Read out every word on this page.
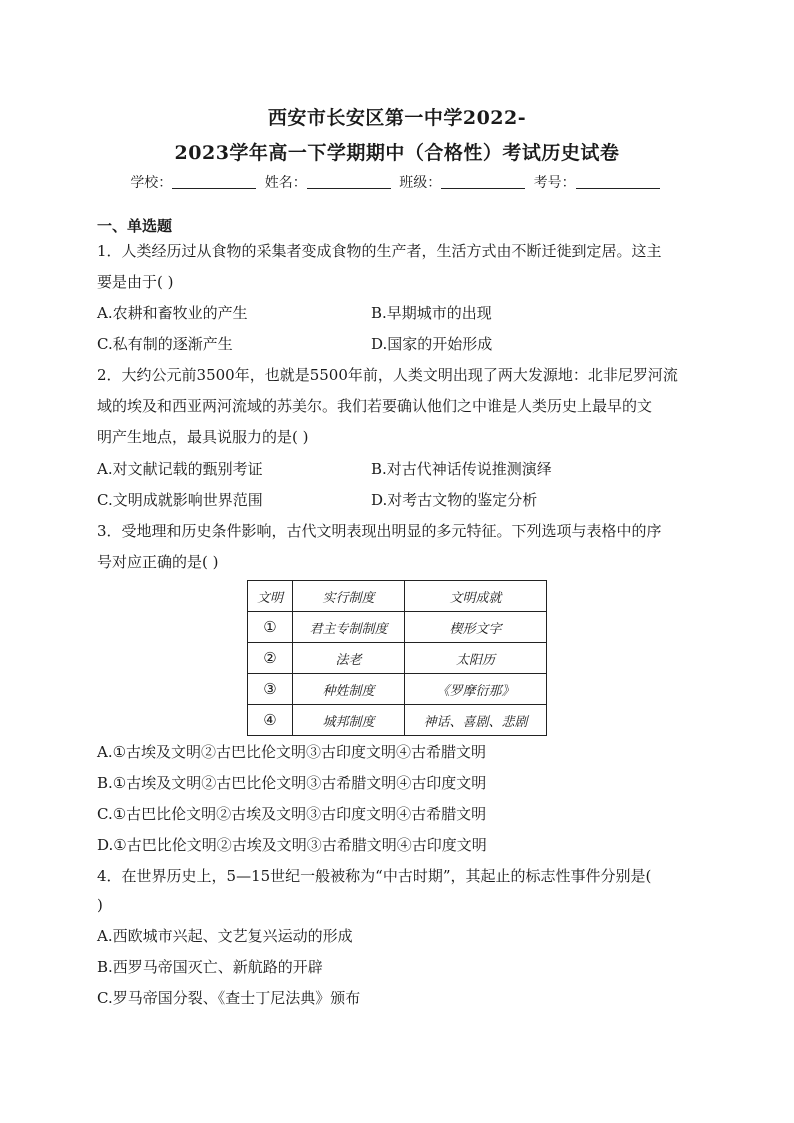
西安市长安区第一中学2022-
2023学年高一下学期期中（合格性）考试历史试卷
学校：	姓名：	班级：	考号：
一、单选题
1．人类经历过从食物的采集者变成食物的生产者，生活方式由不断迁徙到定居。这主
要是由于( )
A.农耕和畜牧业的产生	B.早期城市的出现
C.私有制的逐渐产生	D.国家的开始形成
2．大约公元前3500年，也就是5500年前，人类文明出现了两大发源地：北非尼罗河流
域的埃及和西亚两河流域的苏美尔。我们若要确认他们之中谁是人类历史上最早的文
明产生地点，最具说服力的是( )
A.对文献记载的甄别考证	B.对古代神话传说推测演绎
C.文明成就影响世界范围	D.对考古文物的鉴定分析
3．受地理和历史条件影响，古代文明表现出明显的多元特征。下列选项与表格中的序
号对应正确的是( )
文明	实行制度	文明成就
①	君主专制制度	楔形文字
②	法老	太阳历
③	种姓制度	《罗摩衍那》
④	城邦制度	神话、喜剧、悲剧
A.①古埃及文明②古巴比伦文明③古印度文明④古希腊文明
B.①古埃及文明②古巴比伦文明③古希腊文明④古印度文明
C.①古巴比伦文明②古埃及文明③古印度文明④古希腊文明
D.①古巴比伦文明②古埃及文明③古希腊文明④古印度文明
4．在世界历史上，5—15世纪一般被称为“中古时期”，其起止的标志性事件分别是(
)
A.西欧城市兴起、文艺复兴运动的形成
B.西罗马帝国灭亡、新航路的开辟
C.罗马帝国分裂、《查士丁尼法典》颁布
